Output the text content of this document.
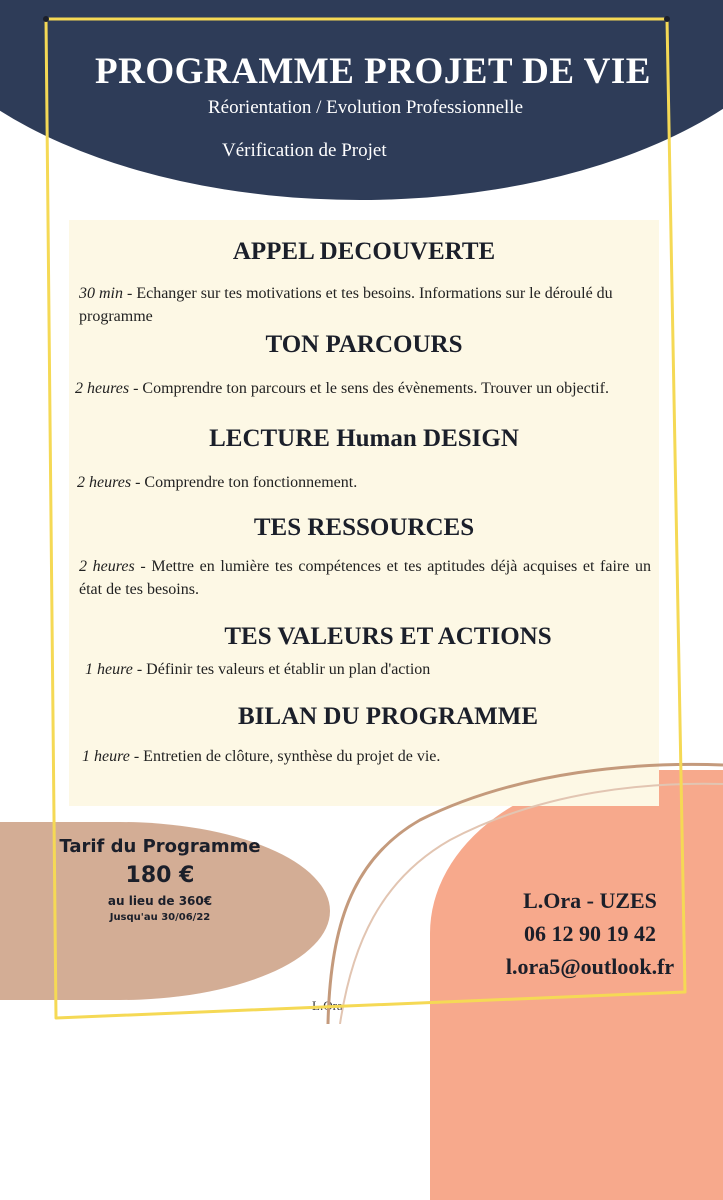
PROGRAMME PROJET DE VIE

Réorientation / Evolution Professionnelle

Vérification de Projet

APPEL DECOUVERTE

30 min - Echanger sur tes motivations et tes besoins. Informations sur le déroulé du programme

TON PARCOURS

2 heures - Comprendre ton parcours et le sens des évènements. Trouver un objectif.

LECTURE Human DESIGN

2 heures - Comprendre ton fonctionnement.

TES RESSOURCES

2 heures - Mettre en lumière tes compétences et tes aptitudes déjà acquises et faire un état de tes besoins.

TES VALEURS ET ACTIONS

1 heure - Définir tes valeurs et établir un plan d'action

BILAN DU PROGRAMME

1 heure - Entretien de clôture, synthèse du projet de vie.

Tarif du Programme

180 €

au lieu de 360€

Jusqu'au 30/06/22

L.Ora - UZES

06 12 90 19 42

l.ora5@outlook.fr

L.Ora
